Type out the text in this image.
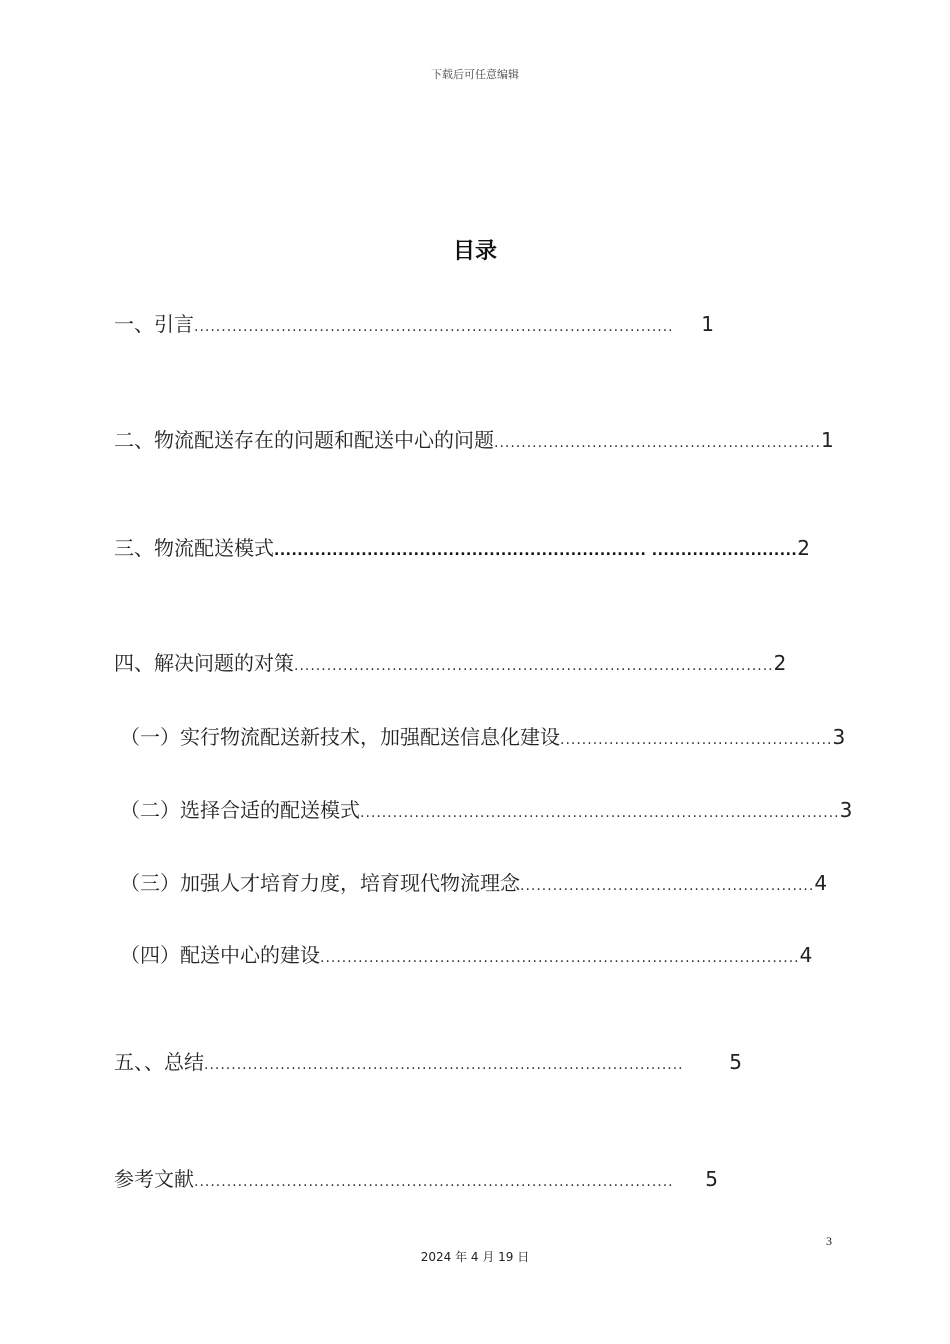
下载后可任意编辑
目录
一、引言 ........................................................................................	1
二、物流配送存在的问题和配送中心的问题 ............................................................ 1
三、物流配送模式 ................................................................ ......................... 2
四、解决问题的对策 ........................................................................................ 2
（一）实行物流配送新技术，加强配送信息化建设 .................................................. 3
（二）选择合适的配送模式 ........................................................................................ 3
（三）加强人才培育力度，培育现代物流理念 ...................................................... 4
（四）配送中心的建设 ........................................................................................ 4
五、、总结 ........................................................................................	5
参考文献 ........................................................................................	5
3
2024 年 4 月 19 日
